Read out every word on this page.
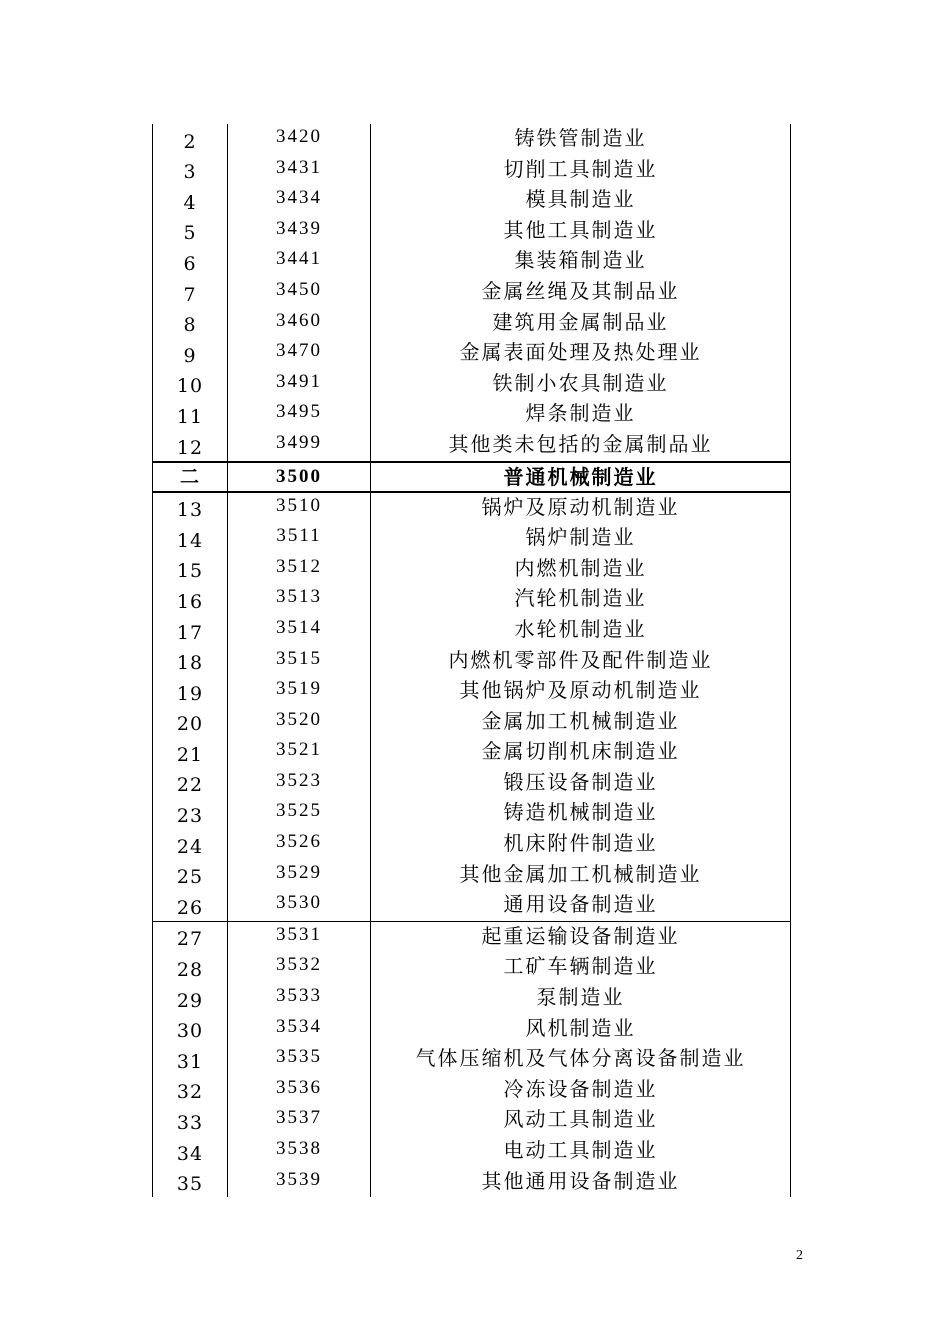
2	3420	铸铁管制造业
3	3431	切削工具制造业
4	3434	模具制造业
5	3439	其他工具制造业
6	3441	集装箱制造业
7	3450	金属丝绳及其制品业
8	3460	建筑用金属制品业
9	3470	金属表面处理及热处理业
10	3491	铁制小农具制造业
11	3495	焊条制造业
12	3499	其他类未包括的金属制品业
二	3500	普通机械制造业
13	3510	锅炉及原动机制造业
14	3511	锅炉制造业
15	3512	内燃机制造业
16	3513	汽轮机制造业
17	3514	水轮机制造业
18	3515	内燃机零部件及配件制造业
19	3519	其他锅炉及原动机制造业
20	3520	金属加工机械制造业
21	3521	金属切削机床制造业
22	3523	锻压设备制造业
23	3525	铸造机械制造业
24	3526	机床附件制造业
25	3529	其他金属加工机械制造业
26	3530	通用设备制造业
27	3531	起重运输设备制造业
28	3532	工矿车辆制造业
29	3533	泵制造业
30	3534	风机制造业
31	3535	气体压缩机及气体分离设备制造业
32	3536	冷冻设备制造业
33	3537	风动工具制造业
34	3538	电动工具制造业
35	3539	其他通用设备制造业
2
